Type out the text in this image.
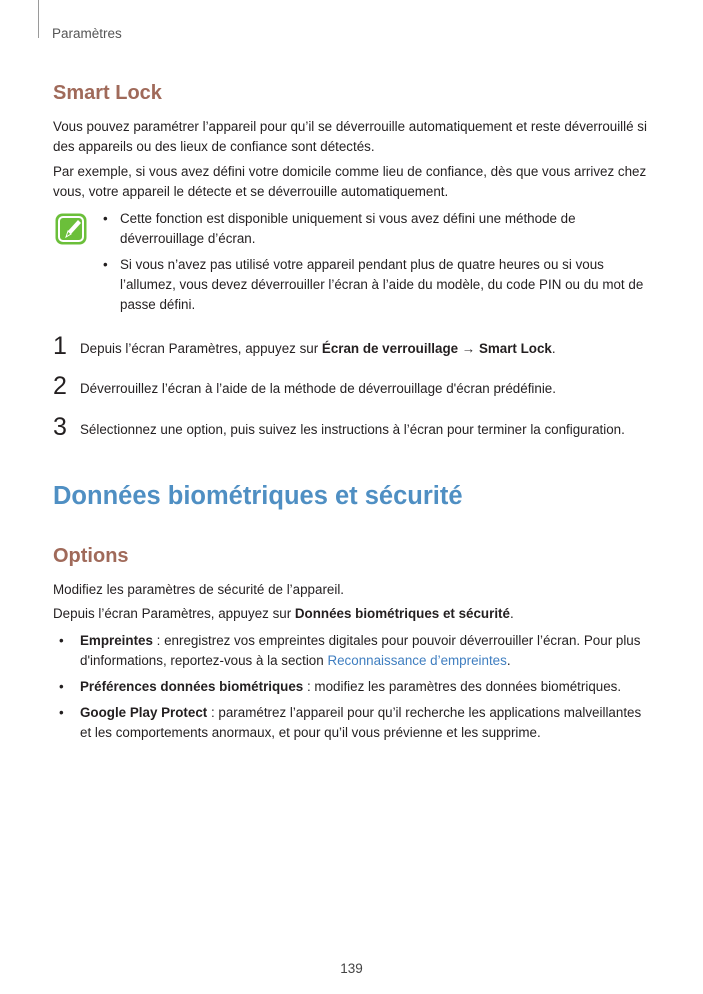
Paramètres
Smart Lock
Vous pouvez paramétrer l’appareil pour qu’il se déverrouille automatiquement et reste déverrouillé si des appareils ou des lieux de confiance sont détectés.
Par exemple, si vous avez défini votre domicile comme lieu de confiance, dès que vous arrivez chez vous, votre appareil le détecte et se déverrouille automatiquement.
• Cette fonction est disponible uniquement si vous avez défini une méthode de déverrouillage d’écran.
• Si vous n’avez pas utilisé votre appareil pendant plus de quatre heures ou si vous l’allumez, vous devez déverrouiller l’écran à l’aide du modèle, du code PIN ou du mot de passe défini.
1 Depuis l’écran Paramètres, appuyez sur Écran de verrouillage → Smart Lock.
2 Déverrouillez l’écran à l’aide de la méthode de déverrouillage d'écran prédéfinie.
3 Sélectionnez une option, puis suivez les instructions à l’écran pour terminer la configuration.
Données biométriques et sécurité
Options
Modifiez les paramètres de sécurité de l’appareil.
Depuis l’écran Paramètres, appuyez sur Données biométriques et sécurité.
• Empreintes : enregistrez vos empreintes digitales pour pouvoir déverrouiller l’écran. Pour plus d'informations, reportez-vous à la section Reconnaissance d’empreintes.
• Préférences données biométriques : modifiez les paramètres des données biométriques.
• Google Play Protect : paramétrez l’appareil pour qu’il recherche les applications malveillantes et les comportements anormaux, et pour qu’il vous prévienne et les supprime.
139
